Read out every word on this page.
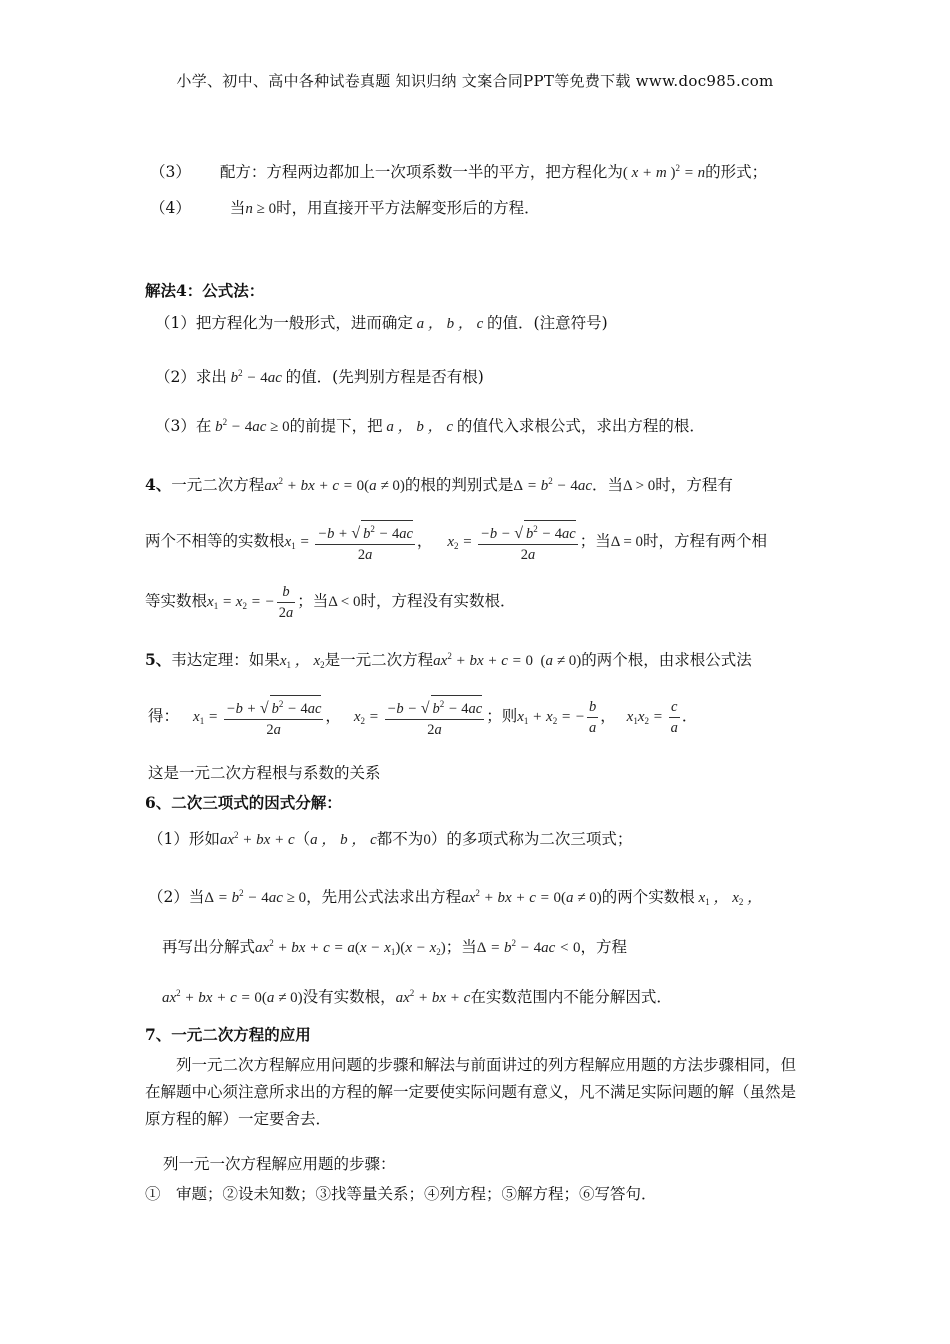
小学、初中、高中各种试卷真题 知识归纳 文案合同PPT等免费下载 www.doc985.com
（3） 配方：方程两边都加上一次项系数一半的平方，把方程化为( x + m )$^2$ = n的形式；
（4）	当n ≥ 0时，用直接开平方法解变形后的方程．
解法4：公式法：
（1）把方程化为一般形式，进而确定 a ， b ， c 的值．(注意符号)
（2）求出 $b^2 - 4ac$ 的值．(先判别方程是否有根)
（3）在 $b^2 - 4ac \ge 0$的前提下，把 a ， b ， c 的值代入求根公式，求出方程的根．
4、一元二次方程$ax^2$ + bx + c = 0(a ≠ 0)的根的判别式是$\Delta = b^2 - 4ac$．当Δ > 0时，方程有
两个不相等的实数根$x_1 = \frac{-b + √ b^2 - 4ac}{2a}$ ， $x_2 = \frac{-b - √ b^2 - 4ac}{2a}$ ；当Δ = 0时，方程有两个相
等实数根$x_1 = x_2$ = − $\frac{b}{2a}$ ；当Δ < 0时，方程没有实数根．
5、韦达定理：如果$x_1$ ， $x_2$是一元二次方程$ax^2$ + bx + c = 0 (a ≠ 0)的两个根，由求根公式法
得： $x_1 = \frac{-b + √ b^2 - 4ac}{2a}$ ， $x_2 = \frac{-b - √ b^2 - 4ac}{2a}$ ；则$x_1 + x_2$ = − $\frac{b}{a}$ ， $x_1x_2 = \frac{c}{a}$ ．
这是一元二次方程根与系数的关系
6、二次三项式的因式分解：
（1）形如$ax^2$ + bx + c（a ， b ， c都不为0）的多项式称为二次三项式；
（2）当$\Delta = b^2 - 4ac \ge 0$，先用公式法求出方程$ax^2$ + bx + c = 0(a ≠ 0)的两个实数根 $x_1$ ， $x_2$ ，
再写出分解式$ax^2$ + bx + $c = a(x - x_1)(x - x_2)$；当$\Delta = b^2 - 4ac < 0$，方程
$ax^2$ + bx + c = 0(a ≠ 0)没有实数根，$ax^2$ + bx + c在实数范围内不能分解因式．
7、一元二次方程的应用
列一元二次方程解应用问题的步骤和解法与前面讲过的列方程解应用题的方法步骤相同，但在解题中心须注意所求出的方程的解一定要使实际问题有意义，凡不满足实际问题的解（虽然是原方程的解）一定要舍去．
列一元一次方程解应用题的步骤：
①　审题；②设未知数；③找等量关系；④列方程；⑤解方程；⑥写答句．
